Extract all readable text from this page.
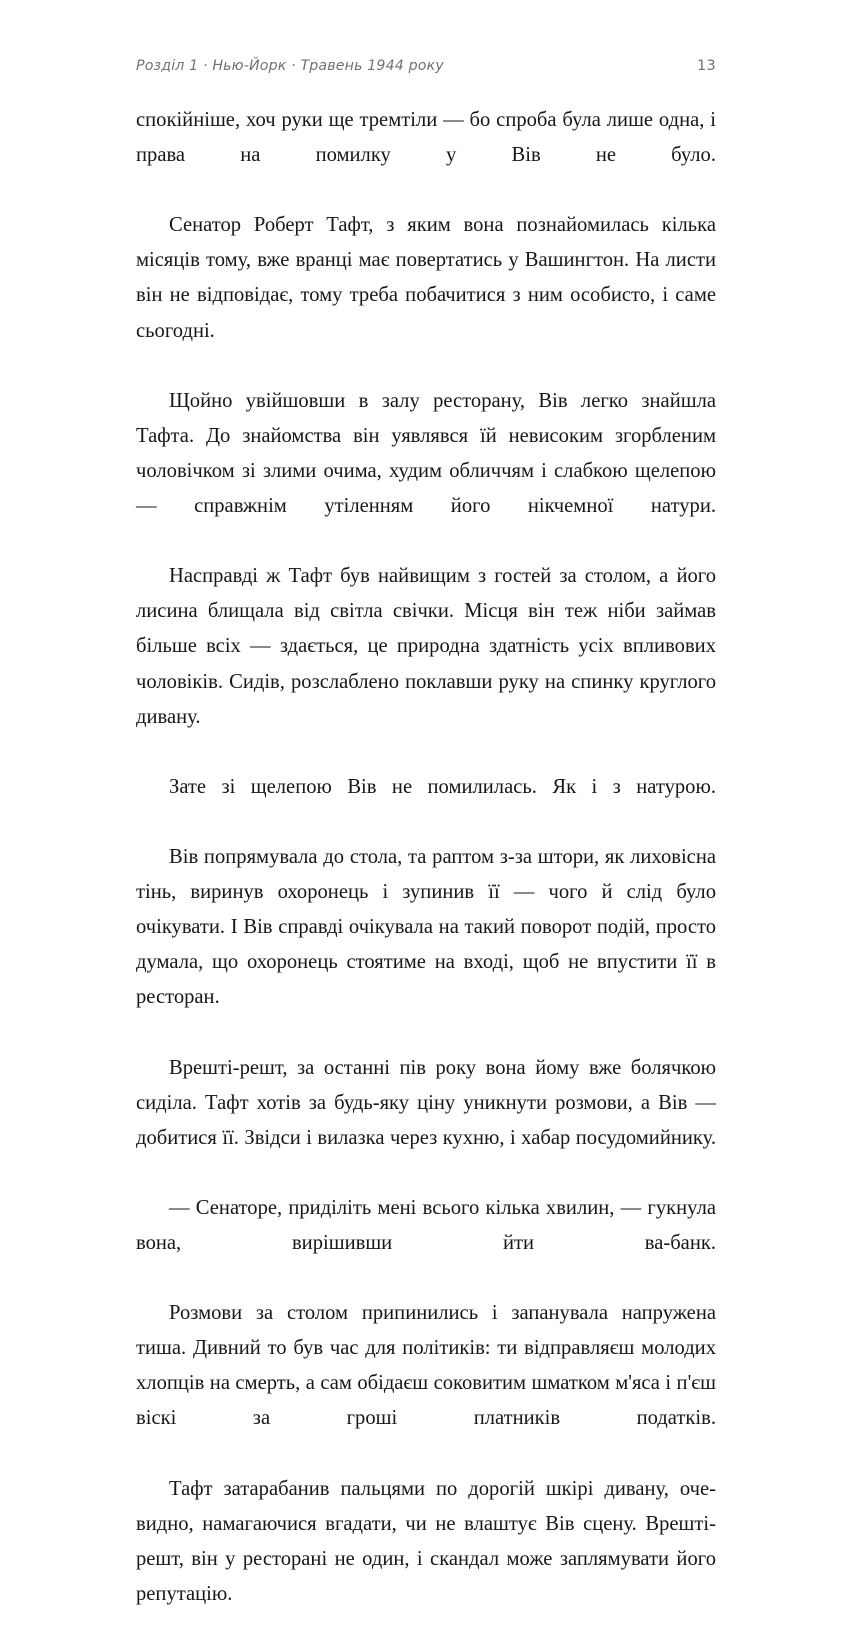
Розділ 1 · Нью-Йорк · Травень 1944 року	13

спокійніше, хоч руки ще тремтіли — бо спроба була лише одна, і права на помилку у Вів не було.

Сенатор Роберт Тафт, з яким вона познайомилась кілька місяців тому, вже вранці має повертатись у Вашингтон. На листи він не відповідає, тому треба побачитися з ним особисто, і саме сьогодні.

Щойно увійшовши в залу ресторану, Вів легко знайшла Тафта. До знайомства він уявлявся їй невисоким згорбленим чоловічком зі злими очима, худим обличчям і слабкою щелепою — справжнім утіленням його нікчемної натури.

Насправді ж Тафт був найвищим з гостей за столом, а його лисина блищала від світла свічки. Місця він теж ніби займав більше всіх — здається, це природна здатність усіх впливових чоловіків. Сидів, розслаблено поклавши руку на спинку круглого дивану.

Зате зі щелепою Вів не помилилась. Як і з натурою.

Вів попрямувала до стола, та раптом з-за штори, як лиховісна тінь, виринув охоронець і зупинив її — чого й слід було очікувати. І Вів справді очікувала на такий поворот подій, просто думала, що охоронець стоятиме на вході, щоб не впустити її в ресторан.

Врешті-решт, за останні пів року вона йому вже болячкою сиділа. Тафт хотів за будь-яку ціну уникнути розмови, а Вів — добитися її. Звідси і вилазка через кухню, і хабар посудомийнику.

— Сенаторе, приділіть мені всього кілька хвилин, — гукнула вона, вирішивши йти ва-банк.

Розмови за столом припинились і запанувала напружена тиша. Дивний то був час для політиків: ти відправляєш молодих хлопців на смерть, а сам обідаєш соковитим шматком м'яса і п'єш віскі за гроші платників податків.

Тафт затарабанив пальцями по дорогій шкірі дивану, очевидно, намагаючися вгадати, чи не влаштує Вів сцену. Врешті-решт, він у ресторані не один, і скандал може заплямувати його репутацію.
